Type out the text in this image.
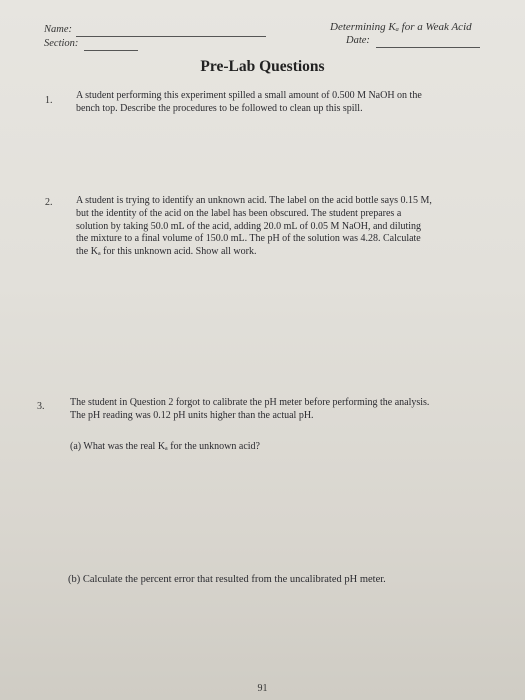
Name:
Section:
Determining Kₐ for a Weak Acid
Date:
Pre-Lab Questions
1. A student performing this experiment spilled a small amount of 0.500 M NaOH on the
bench top. Describe the procedures to be followed to clean up this spill.
2. A student is trying to identify an unknown acid. The label on the acid bottle says 0.15 M,
but the identity of the acid on the label has been obscured. The student prepares a
solution by taking 50.0 mL of the acid, adding 20.0 mL of 0.05 M NaOH, and diluting
the mixture to a final volume of 150.0 mL. The pH of the solution was 4.28. Calculate
the Kₐ for this unknown acid. Show all work.
3.	The student in Question 2 forgot to calibrate the pH meter before performing the analysis.
The pH reading was 0.12 pH units higher than the actual pH.
(a) What was the real Kₐ for the unknown acid?
(b) Calculate the percent error that resulted from the uncalibrated pH meter.
91
